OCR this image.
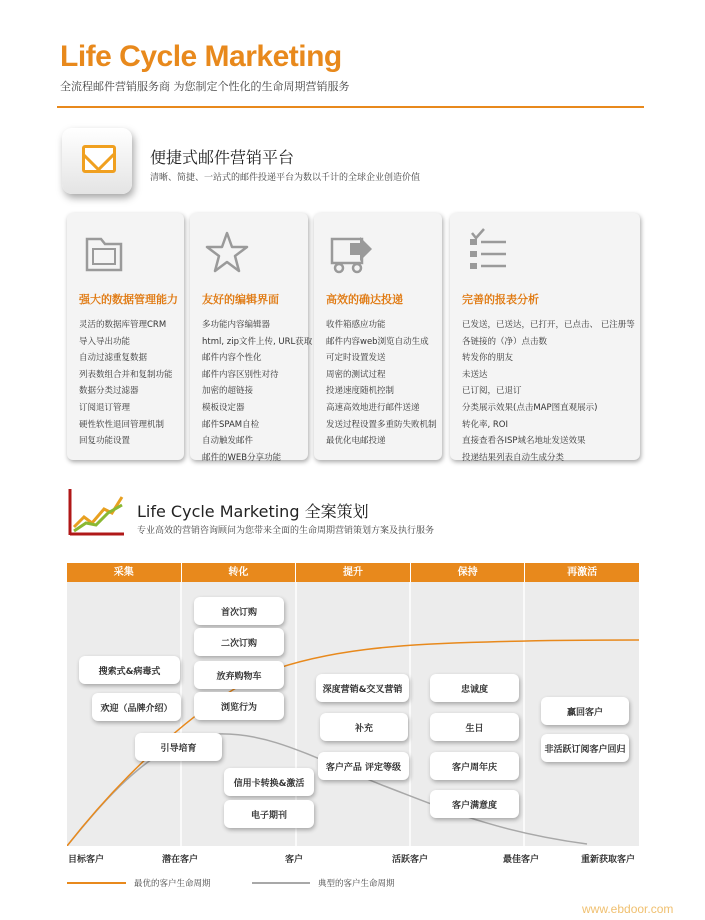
Life Cycle Marketing
全流程邮件营销服务商 为您制定个性化的生命周期营销服务
便捷式邮件营销平台
清晰、简捷、一站式的邮件投递平台为数以千计的全球企业创造价值
强大的数据管理能力
灵活的数据库管理CRM
导入导出功能
自动过滤重复数据
列表数组合并和复制功能
数据分类过滤器
订阅退订管理
硬性软性退回管理机制
回复功能设置
友好的编辑界面
多功能内容编辑器
html, zip文件上传, URL获取
邮件内容个性化
邮件内容区别性对待
加密的超链接
模板设定器
邮件SPAM自检
自动触发邮件
邮件的WEB分享功能
高效的确达投递
收件箱感应功能
邮件内容web浏览自动生成
可定时设置发送
周密的测试过程
投递速度随机控制
高速高效地进行邮件送递
发送过程设置多重防失败机制
最优化电邮投递
完善的报表分析
已发送，已送达，已打开，已点击、 已注册等
各链接的（净）点击数
转发你的朋友
未送达
已订阅，已退订
分类展示效果(点击MAP图直观展示)
转化率, ROI
直接查看各ISP域名地址发送效果
投递结果列表自动生成分类
Life Cycle Marketing 全案策划
专业高效的营销咨询顾问为您带来全面的生命周期营销策划方案及执行服务
采集	转化	提升	保持	再激活
搜索式&病毒式
欢迎（品牌介绍）
引导培育
首次订购
二次订购
放弃购物车
浏览行为
信用卡转换&激活
电子期刊
深度营销&交叉营销
补充
客户产品 评定等级
忠诚度
生日
客户周年庆
客户满意度
赢回客户
非活跃订阅客户回归
目标客户	潜在客户	客户	活跃客户	最佳客户	重新获取客户
最优的客户生命周期	典型的客户生命周期
www.ebdoor.com
